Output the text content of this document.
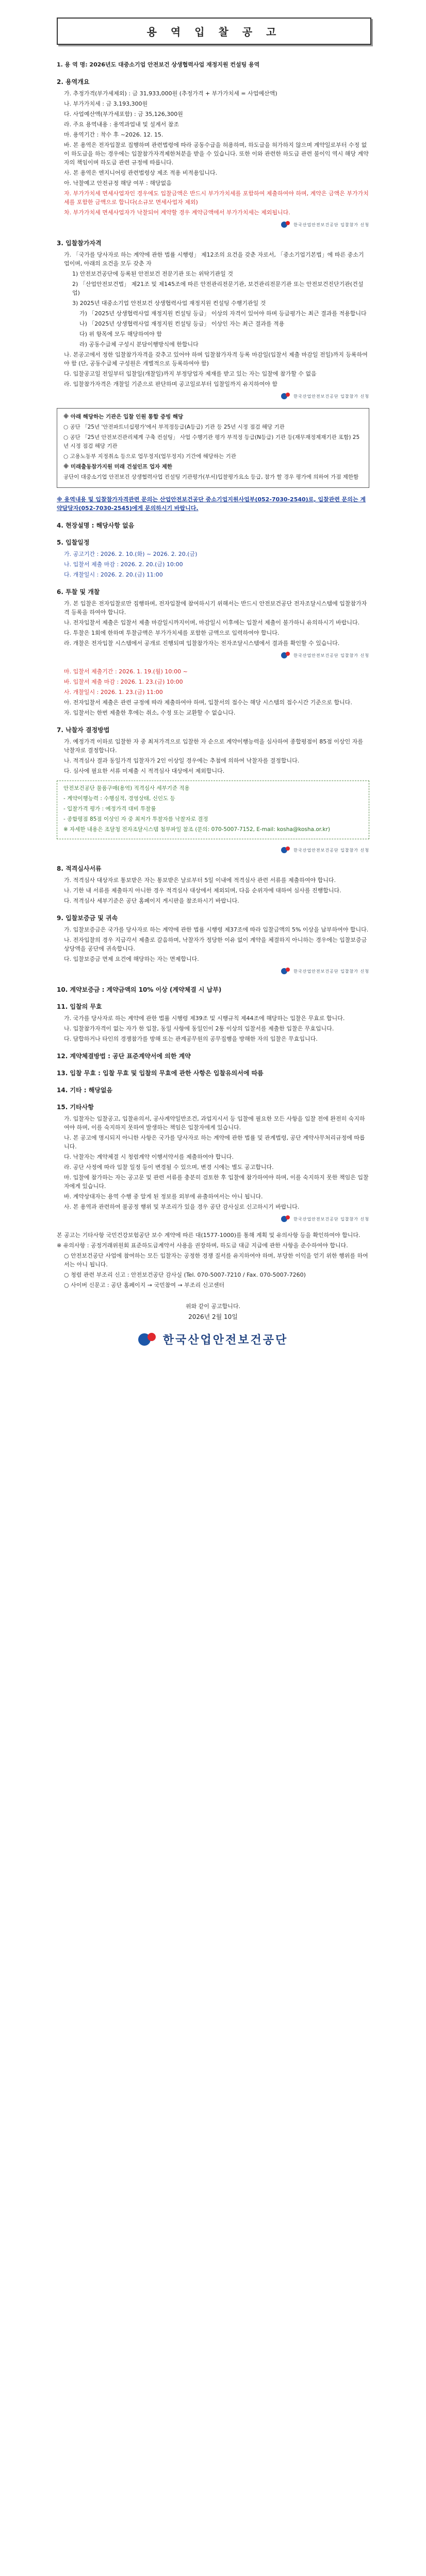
용 역 입 찰 공 고

1. 용 역 명: 2026년도 대중소기업 안전보건 상생협력사업 재정지원 컨설팅 용역

2. 용역개요

가. 추정가격(부가세제외) : 금 31,933,000원 (추정가격 + 부가가치세 = 사업예산액)

나. 부가가치세 : 금 3,193,300원

다. 사업예산액(부가세포함) : 금 35,126,300원

라. 주요 용역내용 : 용역과업내 및 설계서 참조

마. 용역기간 : 착수 후 ~2026. 12. 15.

바. 본 용역은 전자입찰로 집행하며 관련법령에 따라 공동수급을 허용하며, 하도급을 허가하지 않으며 계약일로부터 수정 없이 하도급을 하는 경우에는 입찰참가자격제한처분을 받을 수 있습니다. 또한 이와 관련한 하도급 관련 불이익 역시 해당 계약자의 책임이며 하도급 관련 규정에 따릅니다.

사. 본 용역은 엔지니어링 관련법령상 제조 적용 비적용입니다.

아. 낙찰예고 안전규정 해당 여부 : 해당없음

자. 부가가치세 면세사업자인 경우에도 입찰금액은 반드시 부가가치세를 포함하여 제출하여야 하며, 계약은 금액은 부가가치세를 포함한 금액으로 합니다(소규모 면세사업자 제외)

차. 부가가치세 면세사업자가 낙찰되어 계약할 경우 계약금액에서 부가가치세는 제외됩니다.

한국산업안전보건공단 입찰참가 신청
3. 입찰참가자격

가. 「국가를 당사자로 하는 계약에 관한 법률 시행령」 제12조의 요건을 갖춘 자로서, 「중소기업기본법」에 따른 중소기업이며, 아래의 요건을 모두 갖춘 자

1) 안전보건공단에 등록된 안전보건 전문기관 또는 위탁기관일 것

2) 「산업안전보건법」 제21조 및 제145조에 따른 안전관리전문기관, 보건관리전문기관 또는 안전보건진단기관(건설업)

3) 2025년 대중소기업 안전보건 상생협력사업 재정지원 컨설팅 수행기관일 것

가) 「2025년 상생협력사업 재정지원 컨설팅 등급」 이상의 자격이 있어야 하며 등급평가는 최근 결과를 적용합니다

나) 「2025년 상생협력사업 재정지원 컨설팅 등급」 이상인 자는 최근 결과를 적용

다) 위 항목에 모두 해당하여야 함

라) 공동수급체 구성시 분담이행방식에 한합니다

나. 본공고에서 정한 입찰참가자격을 갖추고 있어야 하며 입찰참가자격 등록 마감일(입찰서 제출 마감일 전일)까지 등록하여야 함 (단, 공동수급체 구성원은 개별적으로 등록하여야 함)

다. 입찰공고일 전일부터 입찰일(개찰일)까지 부정당업자 제재를 받고 있는 자는 입찰에 참가할 수 없음

라. 입찰참가자격은 개찰일 기준으로 판단하며 공고일로부터 입찰일까지 유지하여야 함

한국산업안전보건공단 입찰참가 신청

※ 아래 해당하는 기관은 입찰 인원 통합 증빙 해당

○ 공단 「25년 '안전파트너십평가'에서 부적정등급(A등급) 기관 등 25년 시정 점검 해당 기관

○ 공단 「25년 안전보건관리체계 구축 컨설팅」 사업 수행기관 평가 부적정 등급(N등급) 기관 등(재무재정제재기관 포함) 25년 시정 점검 해당 기관

○ 고용노동부 지정취소 등으로 업무정지(업무정지) 기간에 해당하는 기관

※ 미래출동참가지원 미래 건설인프 업자 제한

공단이 대중소기업 안전보건 상생협력사업 컨설팅 기관평가(부서)입찰평가요소 등급, 참가 할 경우 평가에 의하여 가점 제한함

※ 용역내용 및 입찰참가자격관련 문의는 산업안전보건공단 중소기업지원사업부(052-7030-2540)로, 입찰관련 문의는 계약담당자(052-7030-2545)에게 문의하시기 바랍니다.

4. 현장설명 : 해당사항 없음
5. 입찰일정

가. 공고기간 : 2026. 2. 10.(화) ~ 2026. 2. 20.(금)

나. 입찰서 제출 마감 : 2026. 2. 20.(금) 10:00

다. 개찰일시 : 2026. 2. 20.(금) 11:00

6. 투찰 및 개찰

가. 본 입찰은 전자입찰로만 집행하며, 전자입찰에 참여하시기 위해서는 반드시 안전보건공단 전자조달시스템에 입찰참가자격 등록을 하여야 합니다.

나. 전자입찰서 제출은 입찰서 제출 마감일시까지이며, 마감일시 이후에는 입찰서 제출이 불가하니 유의하시기 바랍니다.

다. 투찰은 1회에 한하며 투찰금액은 부가가치세를 포함한 금액으로 입력하여야 합니다.

라. 개찰은 전자입찰 시스템에서 공개로 진행되며 입찰참가자는 전자조달시스템에서 결과를 확인할 수 있습니다.

한국산업안전보건공단 입찰참가 신청

마. 입찰서 제출기간 : 2026. 1. 19.(월) 10:00 ~

바. 입찰서 제출 마감 : 2026. 1. 23.(금) 10:00

사. 개찰일시 : 2026. 1. 23.(금) 11:00

아. 전자입찰서 제출은 관련 규정에 따라 제출하여야 하며, 입찰서의 접수는 해당 시스템의 접수시간 기준으로 합니다.

자. 입찰서는 한번 제출한 후에는 취소, 수정 또는 교환할 수 없습니다.

7. 낙찰자 결정방법

가. 예정가격 이하로 입찰한 자 중 최저가격으로 입찰한 자 순으로 계약이행능력을 심사하여 종합평점이 85점 이상인 자를 낙찰자로 결정합니다.

나. 적격심사 결과 동일가격 입찰자가 2인 이상일 경우에는 추첨에 의하여 낙찰자를 결정합니다.

다. 심사에 필요한 서류 미제출 시 적격심사 대상에서 제외합니다.

안전보건공단 물품구매(용역) 적격심사 세부기준 적용

- 계약이행능력 : 수행실적, 경영상태, 신인도 등

- 입찰가격 평가 : 예정가격 대비 투찰률

- 종합평점 85점 이상인 자 중 최저가 투찰자를 낙찰자로 결정

※ 자세한 내용은 조달청 전자조달시스템 첨부파일 참조 (문의: 070-5007-7152, E-mail: kosha@kosha.or.kr)

한국산업안전보건공단 입찰참가 신청
8. 적격심사서류

가. 적격심사 대상자로 통보받은 자는 통보받은 날로부터 5일 이내에 적격심사 관련 서류를 제출하여야 합니다.

나. 기한 내 서류를 제출하지 아니한 경우 적격심사 대상에서 제외되며, 다음 순위자에 대하여 심사를 진행합니다.

다. 적격심사 세부기준은 공단 홈페이지 게시판을 참조하시기 바랍니다.

9. 입찰보증금 및 귀속

가. 입찰보증금은 국가를 당사자로 하는 계약에 관한 법률 시행령 제37조에 따라 입찰금액의 5% 이상을 납부하여야 합니다.

나. 전자입찰의 경우 지급각서 제출로 갈음하며, 낙찰자가 정당한 이유 없이 계약을 체결하지 아니하는 경우에는 입찰보증금 상당액을 공단에 귀속합니다.

다. 입찰보증금 면제 요건에 해당하는 자는 면제합니다.

한국산업안전보건공단 입찰참가 신청
10. 계약보증금 : 계약금액의 10% 이상 (계약체결 시 납부)
11. 입찰의 무효

가. 국가를 당사자로 하는 계약에 관한 법률 시행령 제39조 및 시행규칙 제44조에 해당하는 입찰은 무효로 합니다.

나. 입찰참가자격이 없는 자가 한 입찰, 동일 사항에 동일인이 2통 이상의 입찰서를 제출한 입찰은 무효입니다.

다. 담합하거나 타인의 경쟁참가를 방해 또는 관계공무원의 공무집행을 방해한 자의 입찰은 무효입니다.

12. 계약체결방법 : 공단 표준계약서에 의한 계약
13. 입찰 무효 : 입찰 무효 및 입찰의 무효에 관한 사항은 입찰유의서에 따름
14. 기타 : 해당없음
15. 기타사항

가. 입찰자는 입찰공고, 입찰유의서, 공사계약일반조건, 과업지시서 등 입찰에 필요한 모든 사항을 입찰 전에 완전히 숙지하여야 하며, 이를 숙지하지 못하여 발생하는 책임은 입찰자에게 있습니다.

나. 본 공고에 명시되지 아니한 사항은 국가를 당사자로 하는 계약에 관한 법률 및 관계법령, 공단 계약사무처리규정에 따릅니다.

다. 낙찰자는 계약체결 시 청렴계약 이행서약서를 제출하여야 합니다.

라. 공단 사정에 따라 입찰 일정 등이 변경될 수 있으며, 변경 시에는 별도 공고합니다.

마. 입찰에 참가하는 자는 공고문 및 관련 서류를 충분히 검토한 후 입찰에 참가하여야 하며, 이를 숙지하지 못한 책임은 입찰자에게 있습니다.

바. 계약상대자는 용역 수행 중 알게 된 정보를 외부에 유출하여서는 아니 됩니다.

사. 본 용역과 관련하여 불공정 행위 및 부조리가 있을 경우 공단 감사실로 신고하시기 바랍니다.

한국산업안전보건공단 입찰참가 신청

본 공고는 기타사항 국민건강보험공단 보수 계약에 따른 대(1577-1000)를 통해 계획 및 유의사항 등을 확인하여야 합니다.

※ 유의사항 : 공정거래위원회 표준하도급계약서 사용을 권장하며, 하도급 대금 지급에 관한 사항을 준수하여야 합니다.

○ 안전보건공단 사업에 참여하는 모든 입찰자는 공정한 경쟁 질서를 유지하여야 하며, 부당한 이익을 얻기 위한 행위를 하여서는 아니 됩니다.

○ 청렴 관련 부조리 신고 : 안전보건공단 감사실 (Tel. 070-5007-7210 / Fax. 070-5007-7260)

○ 사이버 신문고 : 공단 홈페이지 → 국민참여 → 부조리 신고센터

위와 같이 공고합니다.

2026년 2월 10일
한국산업안전보건공단
